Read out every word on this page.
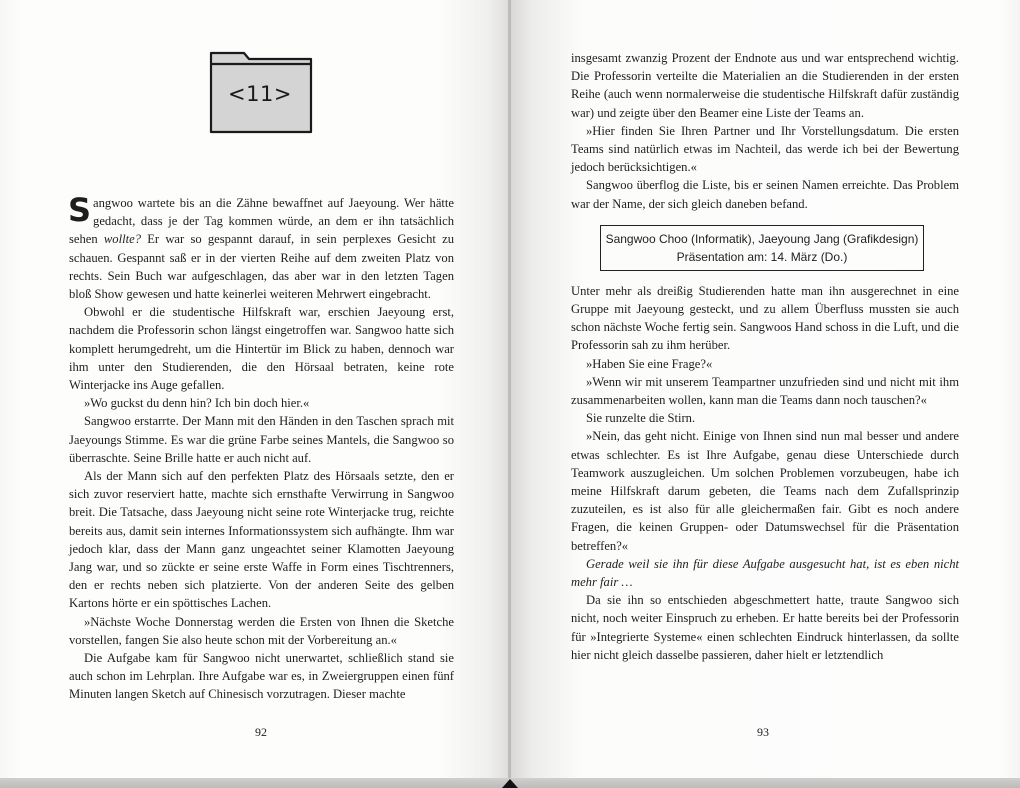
<11>

Sangwoo wartete bis an die Zähne bewaffnet auf Jaeyoung. Wer hätte gedacht, dass je der Tag kommen würde, an dem er ihn tatsächlich sehen wollte? Er war so gespannt darauf, in sein perplexes Gesicht zu schauen. Gespannt saß er in der vierten Reihe auf dem zweiten Platz von rechts. Sein Buch war aufgeschlagen, das aber war in den letzten Tagen bloß Show gewesen und hatte keinerlei weiteren Mehrwert eingebracht.

Obwohl er die studentische Hilfskraft war, erschien Jaeyoung erst, nachdem die Professorin schon längst eingetroffen war. Sangwoo hatte sich komplett herumgedreht, um die Hintertür im Blick zu haben, dennoch war ihm unter den Studierenden, die den Hörsaal betraten, keine rote Winterjacke ins Auge gefallen.

»Wo guckst du denn hin? Ich bin doch hier.«

Sangwoo erstarrte. Der Mann mit den Händen in den Taschen sprach mit Jaeyoungs Stimme. Es war die grüne Farbe seines Mantels, die Sangwoo so überraschte. Seine Brille hatte er auch nicht auf.

Als der Mann sich auf den perfekten Platz des Hörsaals setzte, den er sich zuvor reserviert hatte, machte sich ernsthafte Verwirrung in Sangwoo breit. Die Tatsache, dass Jaeyoung nicht seine rote Winterjacke trug, reichte bereits aus, damit sein internes Informationssystem sich aufhängte. Ihm war jedoch klar, dass der Mann ganz ungeachtet seiner Klamotten Jaeyoung Jang war, und so zückte er seine erste Waffe in Form eines Tischtrenners, den er rechts neben sich platzierte. Von der anderen Seite des gelben Kartons hörte er ein spöttisches Lachen.

»Nächste Woche Donnerstag werden die Ersten von Ihnen die Sketche vorstellen, fangen Sie also heute schon mit der Vorbereitung an.«

Die Aufgabe kam für Sangwoo nicht unerwartet, schließlich stand sie auch schon im Lehrplan. Ihre Aufgabe war es, in Zweiergruppen einen fünf Minuten langen Sketch auf Chinesisch vorzutragen. Dieser machte

92

insgesamt zwanzig Prozent der Endnote aus und war entsprechend wichtig. Die Professorin verteilte die Materialien an die Studierenden in der ersten Reihe (auch wenn normalerweise die studentische Hilfskraft dafür zuständig war) und zeigte über den Beamer eine Liste der Teams an.

»Hier finden Sie Ihren Partner und Ihr Vorstellungsdatum. Die ersten Teams sind natürlich etwas im Nachteil, das werde ich bei der Bewertung jedoch berücksichtigen.«

Sangwoo überflog die Liste, bis er seinen Namen erreichte. Das Problem war der Name, der sich gleich daneben befand.

Sangwoo Choo (Informatik), Jaeyoung Jang (Grafikdesign)
Präsentation am: 14. März (Do.)

Unter mehr als dreißig Studierenden hatte man ihn ausgerechnet in eine Gruppe mit Jaeyoung gesteckt, und zu allem Überfluss mussten sie auch schon nächste Woche fertig sein. Sangwoos Hand schoss in die Luft, und die Professorin sah zu ihm herüber.

»Haben Sie eine Frage?«

»Wenn wir mit unserem Teampartner unzufrieden sind und nicht mit ihm zusammenarbeiten wollen, kann man die Teams dann noch tauschen?«

Sie runzelte die Stirn.

»Nein, das geht nicht. Einige von Ihnen sind nun mal besser und andere etwas schlechter. Es ist Ihre Aufgabe, genau diese Unterschiede durch Teamwork auszugleichen. Um solchen Problemen vorzubeugen, habe ich meine Hilfskraft darum gebeten, die Teams nach dem Zufallsprinzip zuzuteilen, es ist also für alle gleichermaßen fair. Gibt es noch andere Fragen, die keinen Gruppen- oder Datumswechsel für die Präsentation betreffen?«

Gerade weil sie ihn für diese Aufgabe ausgesucht hat, ist es eben nicht mehr fair …

Da sie ihn so entschieden abgeschmettert hatte, traute Sangwoo sich nicht, noch weiter Einspruch zu erheben. Er hatte bereits bei der Professorin für »Integrierte Systeme« einen schlechten Eindruck hinterlassen, da sollte hier nicht gleich dasselbe passieren, daher hielt er letztendlich

93
